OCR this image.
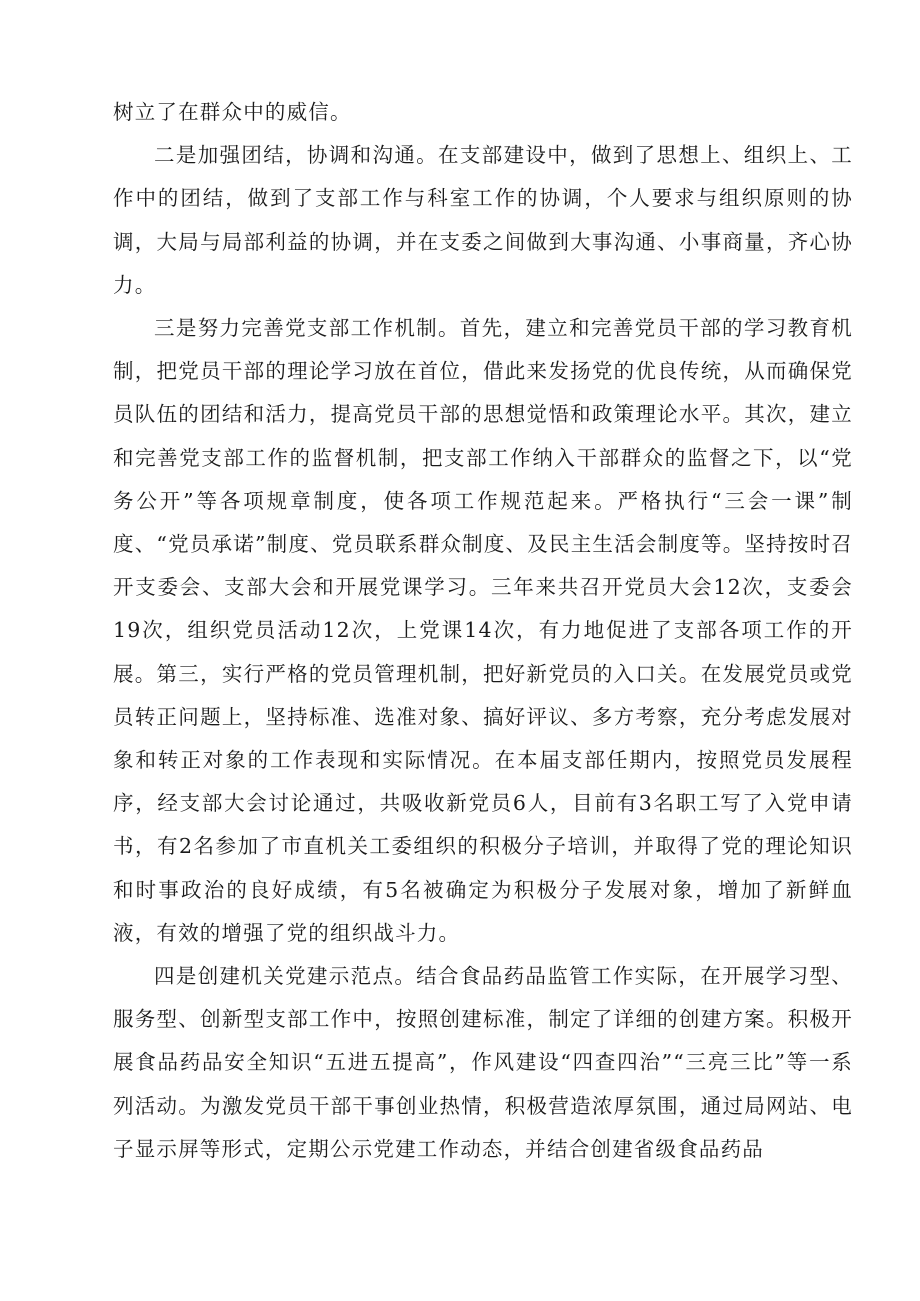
树立了在群众中的威信。

二是加强团结，协调和沟通。在支部建设中，做到了思想上、组织上、工作中的团结，做到了支部工作与科室工作的协调，个人要求与组织原则的协调，大局与局部利益的协调，并在支委之间做到大事沟通、小事商量，齐心协力。

三是努力完善党支部工作机制。首先，建立和完善党员干部的学习教育机制，把党员干部的理论学习放在首位，借此来发扬党的优良传统，从而确保党员队伍的团结和活力，提高党员干部的思想觉悟和政策理论水平。其次，建立和完善党支部工作的监督机制，把支部工作纳入干部群众的监督之下，以“党务公开”等各项规章制度，使各项工作规范起来。严格执行“三会一课”制度、“党员承诺”制度、党员联系群众制度、及民主生活会制度等。坚持按时召开支委会、支部大会和开展党课学习。三年来共召开党员大会12次，支委会19次，组织党员活动12次，上党课14次，有力地促进了支部各项工作的开展。第三，实行严格的党员管理机制，把好新党员的入口关。在发展党员或党员转正问题上，坚持标准、选准对象、搞好评议、多方考察，充分考虑发展对象和转正对象的工作表现和实际情况。在本届支部任期内，按照党员发展程序，经支部大会讨论通过，共吸收新党员6人，目前有3名职工写了入党申请书，有2名参加了市直机关工委组织的积极分子培训，并取得了党的理论知识和时事政治的良好成绩，有5名被确定为积极分子发展对象，增加了新鲜血液，有效的增强了党的组织战斗力。

四是创建机关党建示范点。结合食品药品监管工作实际，在开展学习型、服务型、创新型支部工作中，按照创建标准，制定了详细的创建方案。积极开展食品药品安全知识“五进五提高”，作风建设“四查四治”“三亮三比”等一系列活动。为激发党员干部干事创业热情，积极营造浓厚氛围，通过局网站、电子显示屏等形式，定期公示党建工作动态，并结合创建省级食品药品
